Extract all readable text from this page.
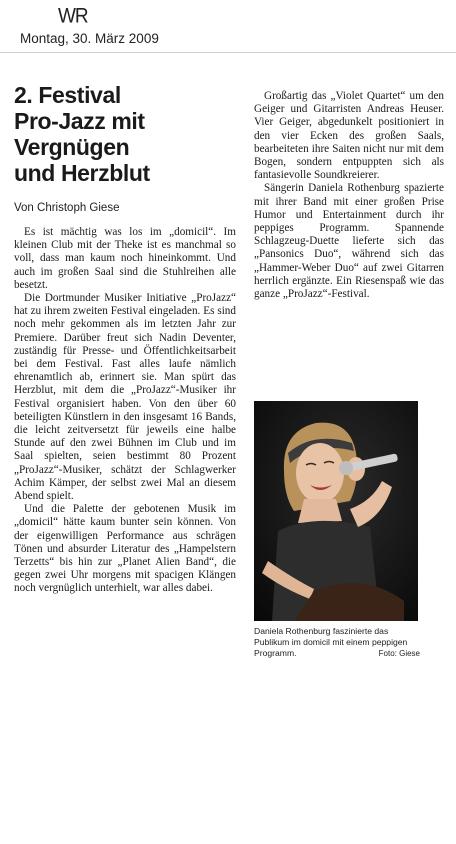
WR
Montag, 30. März 2009
2. Festival
Pro-Jazz mit
Vergnügen
und Herzblut
Von Christoph Giese

Es ist mächtig was los im „domicil“. Im kleinen Club mit der Theke ist es manchmal so voll, dass man kaum noch hineinkommt. Und auch im großen Saal sind die Stuhlreihen alle besetzt.

Die Dortmunder Musiker Initiative „ProJazz“ hat zu ihrem zweiten Festival eingeladen. Es sind noch mehr gekommen als im letzten Jahr zur Premiere. Darüber freut sich Nadin Deventer, zuständig für Presse- und Öffentlichkeitsarbeit bei dem Festival. Fast alles laufe nämlich ehrenamtlich ab, erinnert sie. Man spürt das Herzblut, mit dem die „ProJazz“-Musiker ihr Festival organisiert haben. Von den über 60 beteiligten Künstlern in den insgesamt 16 Bands, die leicht zeitversetzt für jeweils eine halbe Stunde auf den zwei Bühnen im Club und im Saal spielten, seien bestimmt 80 Prozent „ProJazz“-Musiker, schätzt der Schlagwerker Achim Kämper, der selbst zwei Mal an diesem Abend spielt.

Und die Palette der gebotenen Musik im „domicil“ hätte kaum bunter sein können. Von der eigenwilligen Performance aus schrägen Tönen und absurder Literatur des „Hampelstern Terzetts“ bis hin zur „Planet Alien Band“, die gegen zwei Uhr morgens mit spacigen Klängen noch vergnüglich unterhielt, war alles dabei.

Großartig das „Violet Quartet“ um den Geiger und Gitarristen Andreas Heuser. Vier Geiger, abgedunkelt positioniert in den vier Ecken des großen Saals, bearbeiteten ihre Saiten nicht nur mit dem Bogen, sondern entpuppten sich als fantasievolle Soundkreierer.

Sängerin Daniela Rothenburg spazierte mit ihrer Band mit einer großen Prise Humor und Entertainment durch ihr peppiges Programm. Spannende Schlagzeug-Duette lieferte sich das „Pansonics Duo“, während sich das „Hammer-Weber Duo“ auf zwei Gitarren herrlich ergänzte. Ein Riesenspaß wie das ganze „ProJazz“-Festival.

Daniela Rothenburg faszinierte das Publikum im domicil mit einem peppigen Programm.	Foto: Giese
